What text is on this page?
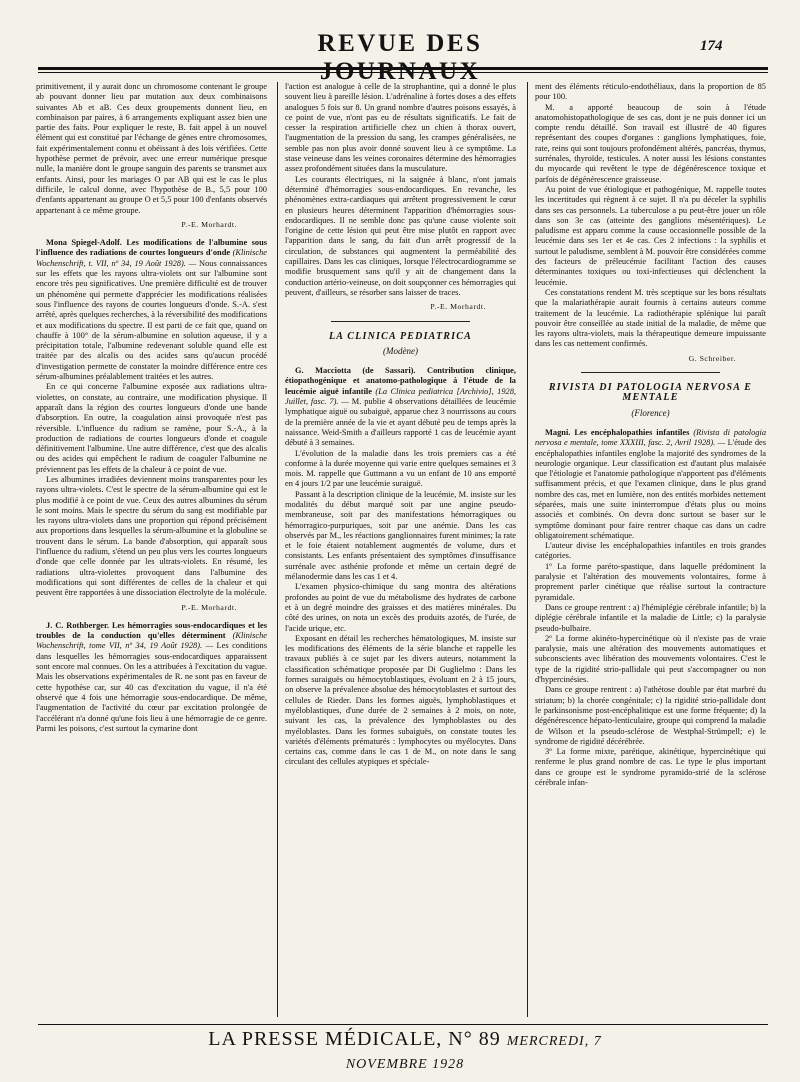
REVUE DES JOURNAUX
174

primitivement, il y aurait donc un chromosome contenant le groupe ab pouvant donner lieu par mutation aux deux combinaisons suivantes Ab et aB. Ces deux groupements donnent lieu, en combinaison par paires, à 6 arrangements expliquant assez bien une partie des faits. Pour expliquer le reste, B. fait appel à un nouvel élément qui est constitué par l'échange de gènes entre chromosomes, fait expérimentalement connu et obéissant à des lois vérifiées. Cette hypothèse permet de prévoir, avec une erreur numérique presque nulle, la manière dont le groupe sanguin des parents se transmet aux enfants. Ainsi, pour les mariages O par AB qui est le cas le plus difficile, le calcul donne, avec l'hypothèse de B., 5,5 pour 100 d'enfants appartenant au groupe O et 5,5 pour 100 d'enfants observés appartenant à ce même groupe.

P.-E. Morhardt.

Mona Spiegel-Adolf. Les modifications de l'albumine sous l'influence des radiations de courtes longueurs d'onde (Klinische Wochenschrift, t. VII, nº 34, 19 Août 1928). — Nous connaissances sur les effets que les rayons ultra-violets ont sur l'albumine sont encore très peu significatives. Une première difficulté est de trouver un phénomène qui permette d'apprécier les modifications réalisées sous l'influence des rayons de courtes longueurs d'onde. S.-A. s'est arrêté, après quelques recherches, à la réversibilité des modifications et aux modifications du spectre. Il est parti de ce fait que, quand on chauffe à 100° de la sérum-albumine en solution aqueuse, il y a précipitation totale, l'albumine redevenant soluble quand elle est traitée par des alcalis ou des acides sans qu'aucun procédé d'investigation permette de constater la moindre différence entre ces sérum-albumines préalablement traitées et les autres.

En ce qui concerne l'albumine exposée aux radiations ultra-violettes, on constate, au contraire, une modification physique. Il apparaît dans la région des courtes longueurs d'onde une bande d'absorption. En outre, la coagulation ainsi provoquée n'est pas réversible. L'influence du radium se ramène, pour S.-A., à la production de radiations de courtes longueurs d'onde et coagule définitivement l'albumine. Une autre différence, c'est que des alcalis ou des acides qui empêchent le radium de coaguler l'albumine ne préviennent pas les effets de la chaleur à ce point de vue.

Les albumines irradiées deviennent moins transparentes pour les rayons ultra-violets. C'est le spectre de la sérum-albumine qui est le plus modifié à ce point de vue. Ceux des autres albumines du sérum le sont moins. Mais le spectre du sérum du sang est modifiable par les rayons ultra-violets dans une proportion qui répond précisément aux proportions dans lesquelles la sérum-albumine et la globuline se trouvent dans le sérum. La bande d'absorption, qui apparaît sous l'influence du radium, s'étend un peu plus vers les courtes longueurs d'onde que celle donnée par les ultrats-violets. En résumé, les radiations ultra-violettes provoquent dans l'albumine des modifications qui sont différentes de celles de la chaleur et qui peuvent être rapportées à une dissociation électrolyte de la molécule.

P.-E. Morhardt.

J. C. Rothberger. Les hémorragies sous-endocardiques et les troubles de la conduction qu'elles déterminent (Klinische Wochenschrift, tome VII, nº 34, 19 Août 1928). — Les conditions dans lesquelles les hémorragies sous-endocardiques apparaissent sont encore mal connues. On les a attribuées à l'excitation du vague. Mais les observations expérimentales de R. ne sont pas en faveur de cette hypothèse car, sur 40 cas d'excitation du vague, il n'a été observé que 4 fois une hémorragie sous-endocardique. De même, l'augmentation de l'activité du cœur par excitation prolongée de l'accélérant n'a donné qu'une fois lieu à une hémorragie de ce genre. Parmi les poisons, c'est surtout la cymarine dont

l'action est analogue à celle de la strophantine, qui a donné le plus souvent lieu à pareille lésion. L'adrénaline à fortes doses a des effets analogues 5 fois sur 8. Un grand nombre d'autres poisons essayés, à ce point de vue, n'ont pas eu de résultats significatifs. Le fait de cesser la respiration artificielle chez un chien à thorax ouvert, l'augmentation de la pression du sang, les crampes généralisées, ne semble pas non plus avoir donné souvent lieu à ce symptôme. La stase veineuse dans les veines coronaires détermine des hémorragies assez profondément situées dans la musculature.

Les courants électriques, ni la saignée à blanc, n'ont jamais déterminé d'hémorragies sous-endocardiques. En revanche, les phénomènes extra-cardiaques qui arrêtent progressivement le cœur en plusieurs heures déterminent l'apparition d'hémorragies sous-endocardiques. Il ne semble donc pas qu'une cause violente soit l'origine de cette lésion qui peut être mise plutôt en rapport avec l'apparition dans le sang, du fait d'un arrêt progressif de la circulation, de substances qui augmentent la perméabilité des capillaires. Dans les cas cliniques, lorsque l'électrocardiogramme se modifie brusquement sans qu'il y ait de changement dans la conduction artério-veineuse, on doit soupçonner ces hémorragies qui peuvent, d'ailleurs, se résorber sans laisser de traces.

P.-E. Morhardt.
LA CLINICA PEDIATRICA
(Modène)

G. Macciotta (de Sassari). Contribution clinique, étiopathogénique et anatomo-pathologique à l'étude de la leucémie aiguë infantile (La Clinica pediatrica [Archivio], 1928, Juillet, fasc. 7). — M. publie 4 observations détaillées de leucémie lymphatique aiguë ou subaiguë, apparue chez 3 nourrissons au cours de la première année de la vie et ayant débuté peu de temps après la naissance. Weid-Smith a d'ailleurs rapporté 1 cas de leucémie ayant débuté à 3 semaines.

L'évolution de la maladie dans les trois premiers cas a été conforme à la durée moyenne qui varie entre quelques semaines et 3 mois. M. rappelle que Guttmann a vu un enfant de 10 ans emporté en 4 jours 1/2 par une leucémie suraiguë.

Passant à la description clinique de la leucémie, M. insiste sur les modalités du début marqué soit par une angine pseudo-membraneuse, soit par des manifestations hémorragiques ou hémorragico-purpuriques, soit par une anémie. Dans les cas observés par M., les réactions ganglionnaires furent minimes; la rate et le foie étaient notablement augmentés de volume, durs et consistants. Les enfants présentaient des symptômes d'insuffisance surrénale avec asthénie profonde et même un certain degré de mélanodermie dans les cas 1 et 4.

L'examen physico-chimique du sang montra des altérations profondes au point de vue du métabolisme des hydrates de carbone et à un degré moindre des graisses et des matières minérales. Du côté des urines, on nota un excès des produits azotés, de l'urée, de l'acide urique, etc.

Exposant en détail les recherches hématologiques, M. insiste sur les modifications des éléments de la série blanche et rappelle les travaux publiés à ce sujet par les divers auteurs, notamment la classification schématique proposée par Di Guglielmo : Dans les formes suraiguës ou hémocytoblastiques, évoluant en 2 à 15 jours, on observe la prévalence absolue des hémocytoblastes et surtout des cellules de Rieder. Dans les formes aiguës, lymphoblastiques et myéloblastiques, d'une durée de 2 semaines à 2 mois, on note, suivant les cas, la prévalence des lymphoblastes ou des myéloblastes. Dans les formes subaiguës, on constate toutes les variétés d'éléments prématurés : lymphocytes ou myélocytes. Dans certains cas, comme dans le cas 1 de M., on note dans le sang circulant des cellules atypiques et spéciale-

ment des éléments réticulo-endothéliaux, dans la proportion de 85 pour 100.

M. a apporté beaucoup de soin à l'étude anatomohistopathologique de ses cas, dont je ne puis donner ici un compte rendu détaillé. Son travail est illustré de 40 figures représentant des coupes d'organes : ganglions lymphatiques, foie, rate, reins qui sont toujours profondément altérés, pancréas, thymus, surrénales, thyroïde, testicules. A noter aussi les lésions constantes du myocarde qui revêtent le type de dégénérescence toxique et parfois de dégénérescence graisseuse.

Au point de vue étiologique et pathogénique, M. rappelle toutes les incertitudes qui règnent à ce sujet. Il n'a pu déceler la syphilis dans ses cas personnels. La tuberculose a pu peut-être jouer un rôle dans son 3e cas (atteinte des ganglions mésentériques). Le paludisme est apparu comme la cause occasionnelle possible de la leucémie dans ses 1er et 4e cas. Ces 2 infections : la syphilis et surtout le paludisme, semblent à M. pouvoir être considérées comme des facteurs de préleucémie facilitant l'action des causes déterminantes toxiques ou toxi-infectieuses qui déclenchent la leucémie.

Ces constatations rendent M. très sceptique sur les bons résultats que la malariathérapie aurait fournis à certains auteurs comme traitement de la leucémie. La radiothérapie splénique lui paraît pouvoir être conseillée au stade initial de la maladie, de même que les rayons ultra-violets, mais la thérapeutique demeure impuissante dans les cas nettement confirmés.

G. Schreiber.
RIVISTA DI PATOLOGIA NERVOSA E MENTALE
(Florence)

Magni. Les encéphalopathies infantiles (Rivista di patologia nervosa e mentale, tome XXXIII, fasc. 2, Avril 1928). — L'étude des encéphalopathies infantiles englobe la majorité des syndromes de la neurologie organique. Leur classification est d'autant plus malaisée que l'étiologie et l'anatomie pathologique n'apportent pas d'éléments suffisamment précis, et que l'examen clinique, dans le plus grand nombre des cas, met en lumière, non des entités morbides nettement séparées, mais une suite ininterrompue d'états plus ou moins associés et combinés. On devra donc surtout se baser sur le symptôme dominant pour faire rentrer chaque cas dans un cadre obligatoirement schématique.

L'auteur divise les encéphalopathies infantiles en trois grandes catégories.

1º La forme parétо-spastique, dans laquelle prédominent la paralysie et l'altération des mouvements volontaires, forme à proprement parler cinétique que réalise surtout la contracture pyramidale.

Dans ce groupe rentrent : a) l'hémiplégie cérébrale infantile; b) la diplégie cérébrale infantile et la maladie de Little; c) la paralysie pseudo-bulbaire.

2º La forme akinéto-hypercinétique où il n'existe pas de vraie paralysie, mais une altération des mouvements automatiques et subconscients avec libération des mouvements volontaires. C'est le type de la rigidité strio-pallidale qui peut s'accompagner ou non d'hypercinésies.

Dans ce groupe rentrent : a) l'athétose double par état marbré du striatum; b) la chorée congénitale; c) la rigidité strio-pallidale dont le parkinsonisme post-encéphalitique est une forme fréquente; d) la dégénérescence hépato-lenticulaire, groupe qui comprend la maladie de Wilson et la pseudo-sclérose de Westphal-Strümpell; e) le syndrome de rigidité décérébrée.

3º La forme mixte, parétique, akinétique, hypercinétique qui renferme le plus grand nombre de cas. Le type le plus important dans ce groupe est le syndrome pyramido-strié de la sclérose cérébrale infan-

LA PRESSE MÉDICALE, N° 89 MERCREDI, 7 NOVEMBRE 1928
